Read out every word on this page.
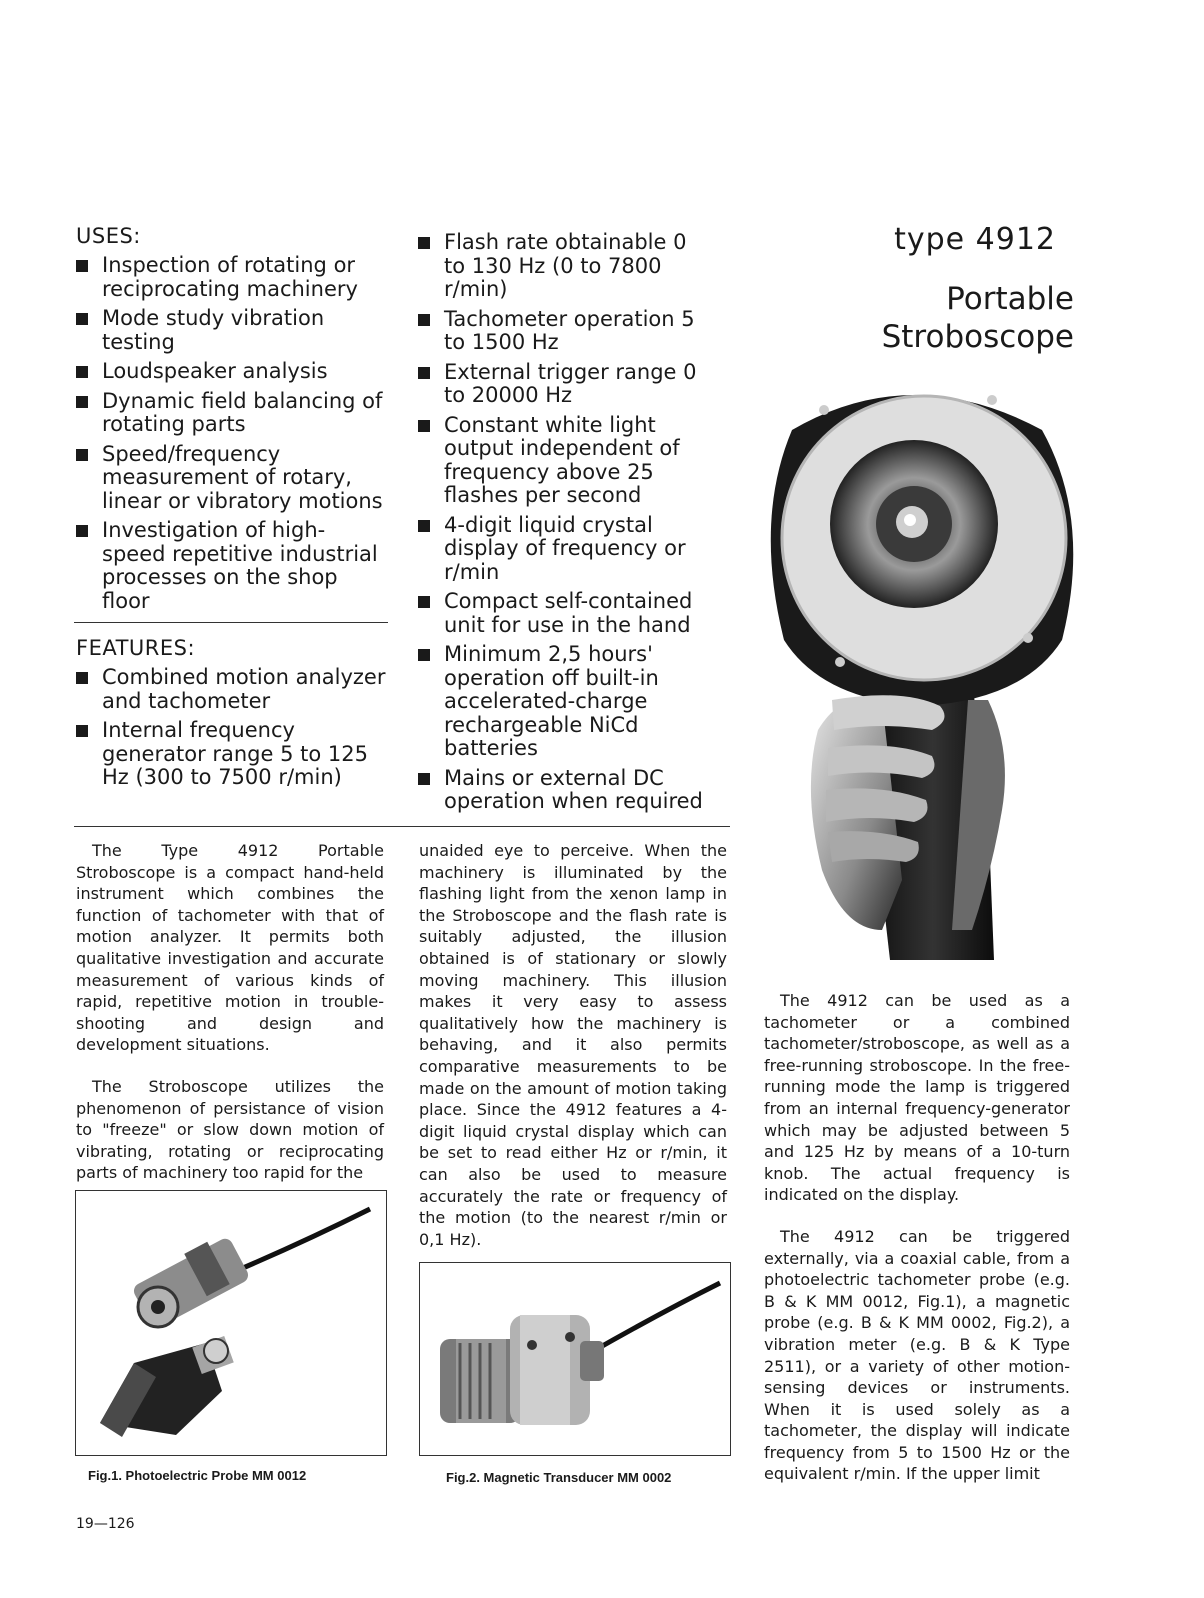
USES:
Inspection of rotating or reciprocating machinery
Mode study vibration testing
Loudspeaker analysis
Dynamic field balancing of rotating parts
Speed/frequency measurement of rotary, linear or vibratory motions
Investigation of high-speed repetitive industrial processes on the shop floor
FEATURES:
Combined motion analyzer and tachometer
Internal frequency generator range 5 to 125 Hz (300 to 7500 r/min)
Flash rate obtainable 0 to 130 Hz (0 to 7800 r/min)
Tachometer operation 5 to 1500 Hz
External trigger range 0 to 20000 Hz
Constant white light output independent of frequency above 25 flashes per second
4-digit liquid crystal display of frequency or r/min
Compact self-contained unit for use in the hand
Minimum 2,5 hours' operation off built-in accelerated-charge rechargeable NiCd batteries
Mains or external DC operation when required
type 4912
Portable
Stroboscope

The Type 4912 Portable Stroboscope is a compact hand-held instrument which combines the function of tachometer with that of motion analyzer. It permits both qualitative investigation and accurate measurement of various kinds of rapid, repetitive motion in trouble-shooting and design and development situations.

The Stroboscope utilizes the phenomenon of persistance of vision to "freeze" or slow down motion of vibrating, rotating or reciprocating parts of machinery too rapid for the

unaided eye to perceive. When the machinery is illuminated by the flashing light from the xenon lamp in the Stroboscope and the flash rate is suitably adjusted, the illusion obtained is of stationary or slowly moving machinery. This illusion makes it very easy to assess qualitatively how the machinery is behaving, and it also permits comparative measurements to be made on the amount of motion taking place. Since the 4912 features a 4-digit liquid crystal display which can be set to read either Hz or r/min, it can also be used to measure accurately the rate or frequency of the motion (to the nearest r/min or 0,1 Hz).

The 4912 can be used as a tachometer or a combined tachometer/stroboscope, as well as a free-running stroboscope. In the free-running mode the lamp is triggered from an internal frequency-generator which may be adjusted between 5 and 125 Hz by means of a 10-turn knob. The actual frequency is indicated on the display.

The 4912 can be triggered externally, via a coaxial cable, from a photoelectric tachometer probe (e.g. B & K MM 0012, Fig.1), a magnetic probe (e.g. B & K MM 0002, Fig.2), a vibration meter (e.g. B & K Type 2511), or a variety of other motion-sensing devices or instruments. When it is used solely as a tachometer, the display will indicate frequency from 5 to 1500 Hz or the equivalent r/min. If the upper limit

Fig.1. Photoelectric Probe MM 0012	Fig.2. Magnetic Transducer MM 0002
19—126
